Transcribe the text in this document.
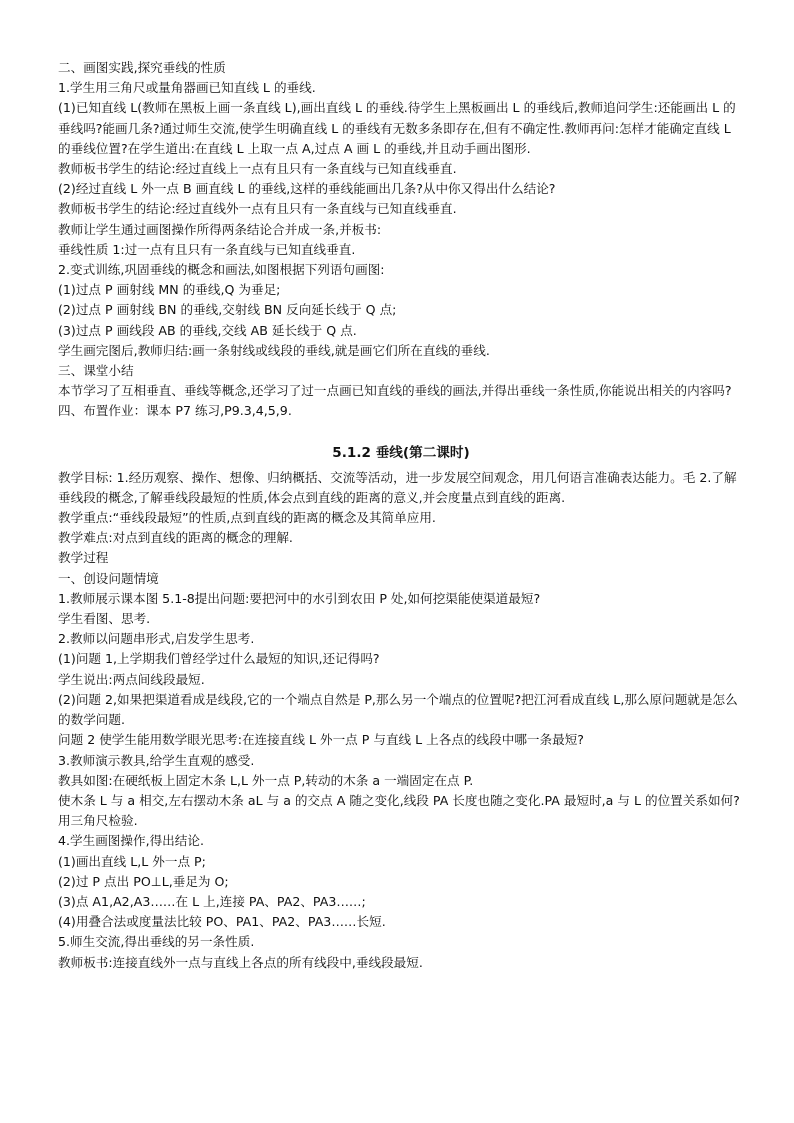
二、画图实践,探究垂线的性质

1.学生用三角尺或量角器画已知直线 L 的垂线.

(1)已知直线 L(教师在黑板上画一条直线 L),画出直线 L 的垂线.待学生上黑板画出 L 的垂线后,教师追问学生:还能画出 L 的垂线吗?能画几条?通过师生交流,使学生明确直线 L 的垂线有无数多条即存在,但有不确定性.教师再问:怎样才能确定直线 L 的垂线位置?在学生道出:在直线 L 上取一点 A,过点 A 画 L 的垂线,并且动手画出图形.

教师板书学生的结论:经过直线上一点有且只有一条直线与已知直线垂直.

(2)经过直线 L 外一点 B 画直线 L 的垂线,这样的垂线能画出几条?从中你又得出什么结论?

教师板书学生的结论:经过直线外一点有且只有一条直线与已知直线垂直.

教师让学生通过画图操作所得两条结论合并成一条,并板书:

垂线性质 1:过一点有且只有一条直线与已知直线垂直.

2.变式训练,巩固垂线的概念和画法,如图根据下列语句画图:

(1)过点 P 画射线 MN 的垂线,Q 为垂足;

(2)过点 P 画射线 BN 的垂线,交射线 BN 反向延长线于 Q 点;

(3)过点 P 画线段 AB 的垂线,交线 AB 延长线于 Q 点.

学生画完图后,教师归结:画一条射线或线段的垂线,就是画它们所在直线的垂线.

三、课堂小结

本节学习了互相垂直、垂线等概念,还学习了过一点画已知直线的垂线的画法,并得出垂线一条性质,你能说出相关的内容吗?

四、布置作业：课本 P7 练习,P9.3,4,5,9.

5.1.2 垂线(第二课时)

教学目标: 1.经历观察、操作、想像、归纳概括、交流等活动，进一步发展空间观念，用几何语言准确表达能力。毛 2.了解垂线段的概念,了解垂线段最短的性质,体会点到直线的距离的意义,并会度量点到直线的距离.

教学重点:“垂线段最短”的性质,点到直线的距离的概念及其简单应用.

教学难点:对点到直线的距离的概念的理解.

教学过程

一、创设问题情境

1.教师展示课本图 5.1-8提出问题:要把河中的水引到农田 P 处,如何挖渠能使渠道最短?

学生看图、思考.

2.教师以问题串形式,启发学生思考.

(1)问题 1,上学期我们曾经学过什么最短的知识,还记得吗?

学生说出:两点间线段最短.

(2)问题 2,如果把渠道看成是线段,它的一个端点自然是 P,那么另一个端点的位置呢?把江河看成直线 L,那么原问题就是怎么的数学问题.

问题 2 使学生能用数学眼光思考:在连接直线 L 外一点 P 与直线 L 上各点的线段中哪一条最短?

3.教师演示教具,给学生直观的感受.

教具如图:在硬纸板上固定木条 L,L 外一点 P,转动的木条 a 一端固定在点 P.

使木条 L 与 a 相交,左右摆动木条 aL 与 a 的交点 A 随之变化,线段 PA 长度也随之变化.PA 最短时,a 与 L 的位置关系如何?用三角尺检验.

4.学生画图操作,得出结论.

(1)画出直线 L,L 外一点 P;

(2)过 P 点出 PO⊥L,垂足为 O;

(3)点 A1,A2,A3……在 L 上,连接 PA、PA2、PA3……;

(4)用叠合法或度量法比较 PO、PA1、PA2、PA3……长短.

5.师生交流,得出垂线的另一条性质.

教师板书:连接直线外一点与直线上各点的所有线段中,垂线段最短.
